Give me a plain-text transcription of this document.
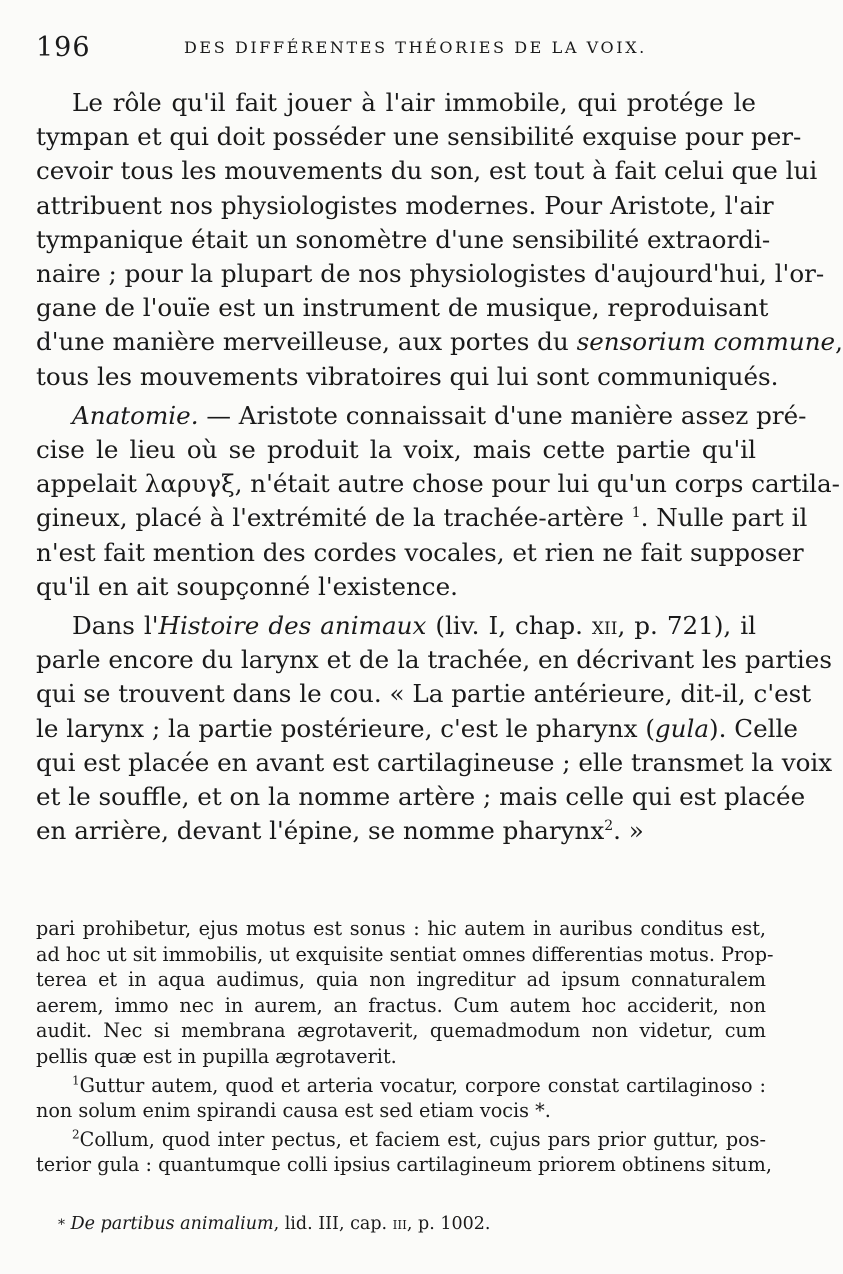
196	DES DIFFÉRENTES THÉORIES DE LA VOIX.

Le rôle qu'il fait jouer à l'air immobile, qui protége le
tympan et qui doit posséder une sensibilité exquise pour per-
cevoir tous les mouvements du son, est tout à fait celui que lui
attribuent nos physiologistes modernes. Pour Aristote, l'air
tympanique était un sonomètre d'une sensibilité extraordi-
naire ; pour la plupart de nos physiologistes d'aujourd'hui, l'or-
gane de l'ouïe est un instrument de musique, reproduisant
d'une manière merveilleuse, aux portes du sensorium commune,
tous les mouvements vibratoires qui lui sont communiqués.

Anatomie. — Aristote connaissait d'une manière assez pré-
cise le lieu où se produit la voix, mais cette partie qu'il
appelait λαρυγξ, n'était autre chose pour lui qu'un corps cartila-
gineux, placé à l'extrémité de la trachée-artère $^1$. Nulle part il
n'est fait mention des cordes vocales, et rien ne fait supposer
qu'il en ait soupçonné l'existence.

Dans l'Histoire des animaux (liv. I, chap. xii, p. 721), il
parle encore du larynx et de la trachée, en décrivant les parties
qui se trouvent dans le cou. « La partie antérieure, dit-il, c'est
le larynx ; la partie postérieure, c'est le pharynx (gula). Celle
qui est placée en avant est cartilagineuse ; elle transmet la voix
et le souffle, et on la nomme artère ; mais celle qui est placée
en arrière, devant l'épine, se nomme pharynx$^2$. »

pari prohibetur, ejus motus est sonus : hic autem in auribus conditus est,
ad hoc ut sit immobilis, ut exquisite sentiat omnes differentias motus. Prop-
terea et in aqua audimus, quia non ingreditur ad ipsum connaturalem
aerem, immo nec in aurem, an fractus. Cum autem hoc acciderit, non
audit. Nec si membrana ægrotaverit, quemadmodum non videtur, cum
pellis quæ est in pupilla ægrotaverit.
$^1$Guttur autem, quod et arteria vocatur, corpore constat cartilaginoso :
non solum enim spirandi causa est sed etiam vocis *.
$^2$Collum, quod inter pectus, et faciem est, cujus pars prior guttur, pos-
terior gula : quantumque colli ipsius cartilagineum priorem obtinens situm,
* De partibus animalium, lid. III, cap. iii, p. 1002.
